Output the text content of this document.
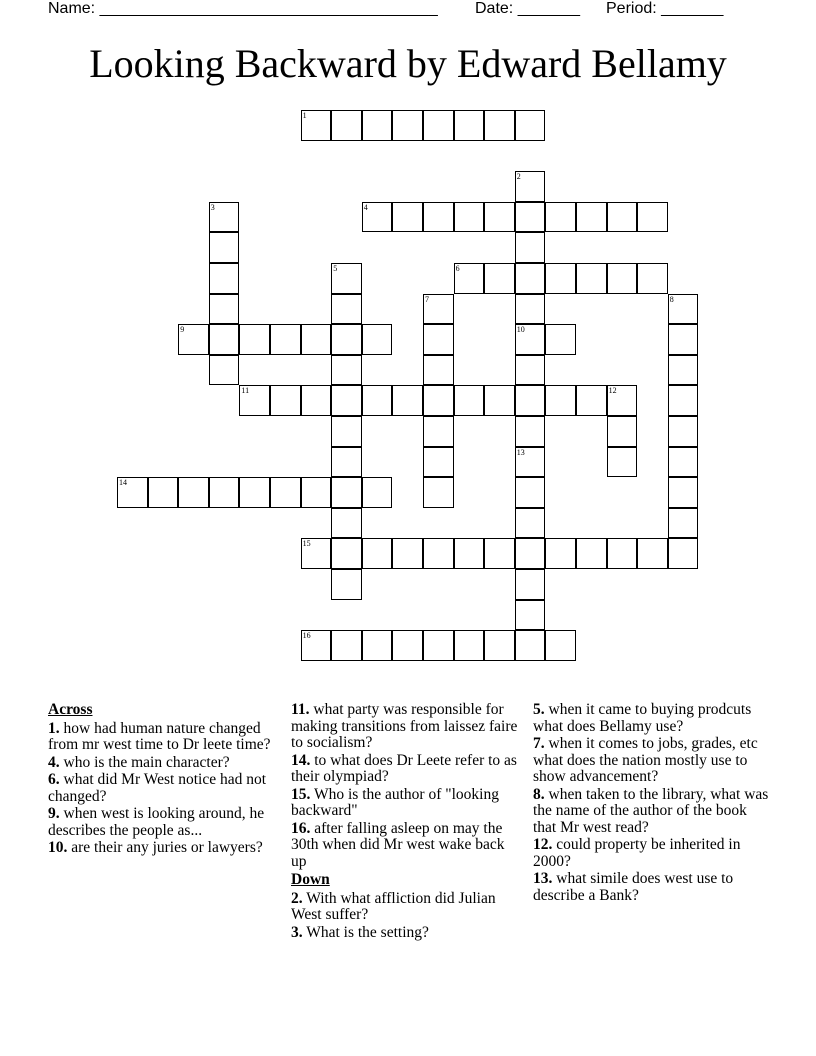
Name: ______________________________________ Date: _______ Period: _______
Looking Backward by Edward Bellamy
1
2
10
13
3	4
5	6
7	8
9
11	12
14
15
16
Across
1. how had human nature changed from mr west time to Dr leete time?
4. who is the main character?
6. what did Mr West notice had not changed?
9. when west is looking around, he describes the people as...
10. are their any juries or lawyers?
11. what party was responsible for making transitions from laissez faire to socialism?
14. to what does Dr Leete refer to as their olympiad?
15. Who is the author of "looking backward"
16. after falling asleep on may the 30th when did Mr west wake back up
Down
2. With what affliction did Julian West suffer?
3. What is the setting?
5. when it came to buying prodcuts what does Bellamy use?
7. when it comes to jobs, grades, etc what does the nation mostly use to show advancement?
8. when taken to the library, what was the name of the author of the book that Mr west read?
12. could property be inherited in 2000?
13. what simile does west use to describe a Bank?
